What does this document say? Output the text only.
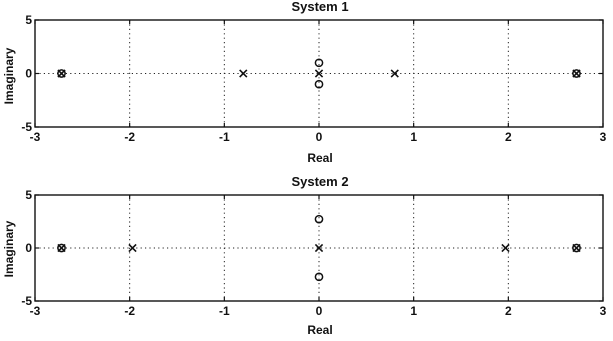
System 1
Imaginary
Real
-3	-2	-1	0	1	2	3
-5
0
5
System 2
Imaginary
Real
-3	-2	-1	0	1	2	3
-5
0
5
